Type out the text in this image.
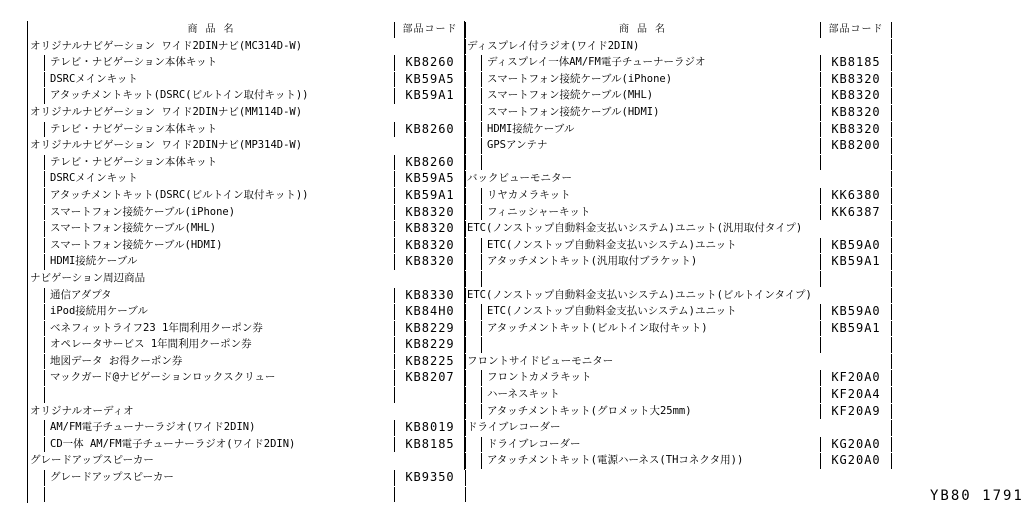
商 品 名	部品コード
オリジナルナビゲーション ワイド2DINナビ(MC314D-W)
テレビ・ナビゲーション本体キット	KB8260
DSRCメインキット	KB59A5
アタッチメントキット(DSRC(ビルトイン取付キット))	KB59A1
オリジナルナビゲーション ワイド2DINナビ(MM114D-W)
テレビ・ナビゲーション本体キット	KB8260
オリジナルナビゲーション ワイド2DINナビ(MP314D-W)
テレビ・ナビゲーション本体キット	KB8260
DSRCメインキット	KB59A5
アタッチメントキット(DSRC(ビルトイン取付キット))	KB59A1
スマートフォン接続ケーブル(iPhone)	KB8320
スマートフォン接続ケーブル(MHL)	KB8320
スマートフォン接続ケーブル(HDMI)	KB8320
HDMI接続ケーブル	KB8320
ナビゲーション周辺商品
通信アダプタ	KB8330
iPod接続用ケーブル	KB84H0
ベネフィットライフ23 1年間利用クーポン券	KB8229
オペレータサービス 1年間利用クーポン券	KB8229
地図データ お得クーポン券	KB8225
マックガード@ナビゲーションロックスクリュー	KB8207
オリジナルオーディオ
AM/FM電子チューナーラジオ(ワイド2DIN)	KB8019
CD一体 AM/FM電子チューナーラジオ(ワイド2DIN)	KB8185
グレードアップスピーカー
グレードアップスピーカー	KB9350
商 品 名	部品コード
ディスプレイ付ラジオ(ワイド2DIN)
ディスプレイ一体AM/FM電子チューナーラジオ	KB8185
スマートフォン接続ケーブル(iPhone)	KB8320
スマートフォン接続ケーブル(MHL)	KB8320
スマートフォン接続ケーブル(HDMI)	KB8320
HDMI接続ケーブル	KB8320
GPSアンテナ	KB8200
バックビューモニター
リヤカメラキット	KK6380
フィニッシャーキット	KK6387
ETC(ノンストップ自動料金支払いシステム)ユニット(汎用取付タイプ)
ETC(ノンストップ自動料金支払いシステム)ユニット	KB59A0
アタッチメントキット(汎用取付ブラケット)	KB59A1
ETC(ノンストップ自動料金支払いシステム)ユニット(ビルトインタイプ)
ETC(ノンストップ自動料金支払いシステム)ユニット	KB59A0
アタッチメントキット(ビルトイン取付キット)	KB59A1
フロントサイドビューモニター
フロントカメラキット	KF20A0
ハーネスキット	KF20A4
アタッチメントキット(グロメット大25mm)	KF20A9
ドライブレコーダー
ドライブレコーダー	KG20A0
アタッチメントキット(電源ハーネス(THコネクタ用))	KG20A0
YB80 1791
